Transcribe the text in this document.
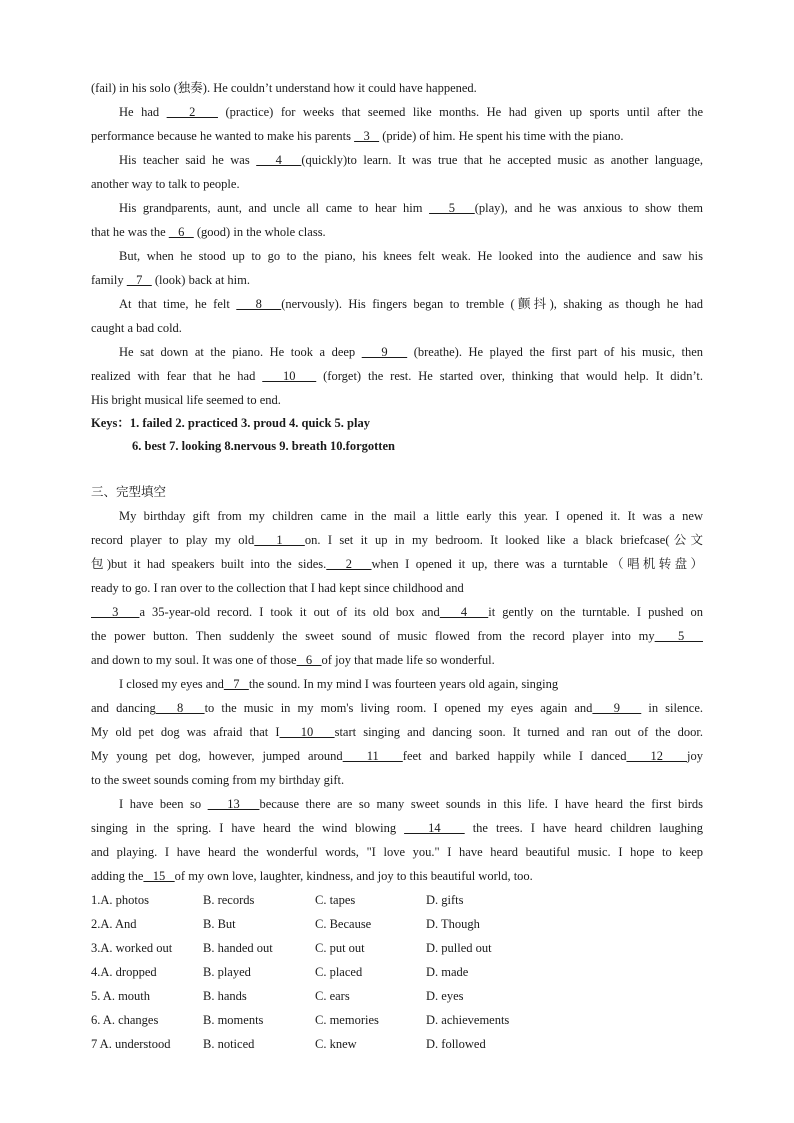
(fail) in his solo (独奏). He couldn’t understand how it could have happened.
He had    2    (practice) for weeks that seemed like months. He had given up sports until after the
performance because he wanted to make his parents    3    (pride) of him. He spent his time with the piano.
His teacher said he was    4   (quickly)to learn. It was true that he accepted music as another language,
another way to talk to people.
His grandparents, aunt, and uncle all came to hear him    5   (play), and he was anxious to show them
that he was the    6    (good) in the whole class.
But, when he stood up to go to the piano, his knees felt weak. He looked into the audience and saw his
family    7    (look) back at him.
At that time, he felt    8   (nervously). His fingers began to tremble (颤抖), shaking as though he had
caught a bad cold.
He sat down at the piano. He took a deep    9    (breathe). He played the first part of his music, then
realized with fear that he had    10    (forget) the rest. He started over, thinking that would help. It didn’t.
His bright musical life seemed to end.
Keys：1. failed 2. practiced 3. proud 4. quick 5. play
6. best 7. looking 8.nervous 9. breath 10.forgotten
三、完型填空
My birthday gift from my children came in the mail a little early this year. I opened it. It was a new
record player to play my old   1   on. I set it up in my bedroom. It looked like a black briefcase(公文
包)but it had speakers built into the sides.   2   when I opened it up, there was a turntable（唱机转盘）
ready to go. I ran over to the collection that I had kept since childhood and
3   a 35-year-old record. I took it out of its old box and   4   it gently on the turntable. I pushed on
the power button. Then suddenly the sweet sound of music flowed from the record player into my   5
and down to my soul. It was one of those   6   of joy that made life so wonderful.
I closed my eyes and   7   the sound. In my mind I was fourteen years old again, singing
and dancing   8   to the music in my mom's living room. I opened my eyes again and   9    in silence.
My old pet dog was afraid that I   10   start singing and dancing soon. It turned and ran out of the door.
My young pet dog, however, jumped around   11   feet and barked happily while I danced   12   joy
to the sweet sounds coming from my birthday gift.
I have been so    13   because there are so many sweet sounds in this life. I have heard the first birds
singing in the spring. I have heard the wind blowing    14    the trees. I have heard children laughing
and playing. I have heard the wonderful words, "I love you." I have heard beautiful music. I hope to keep
adding the   15   of my own love, laughter, kindness, and joy to this beautiful world, too.
1.A. photos	B. records	C. tapes	D. gifts
2.A. And	B. But	C. Because	D. Though
3.A. worked out B. handed out	C. put out	D. pulled out
4.A. dropped	B. played	C. placed	D. made
5. A. mouth	B. hands	C. ears	D. eyes
6. A. changes	B. moments	C. memories	D. achievements
7 A. understood	B. noticed	C. knew	D. followed
